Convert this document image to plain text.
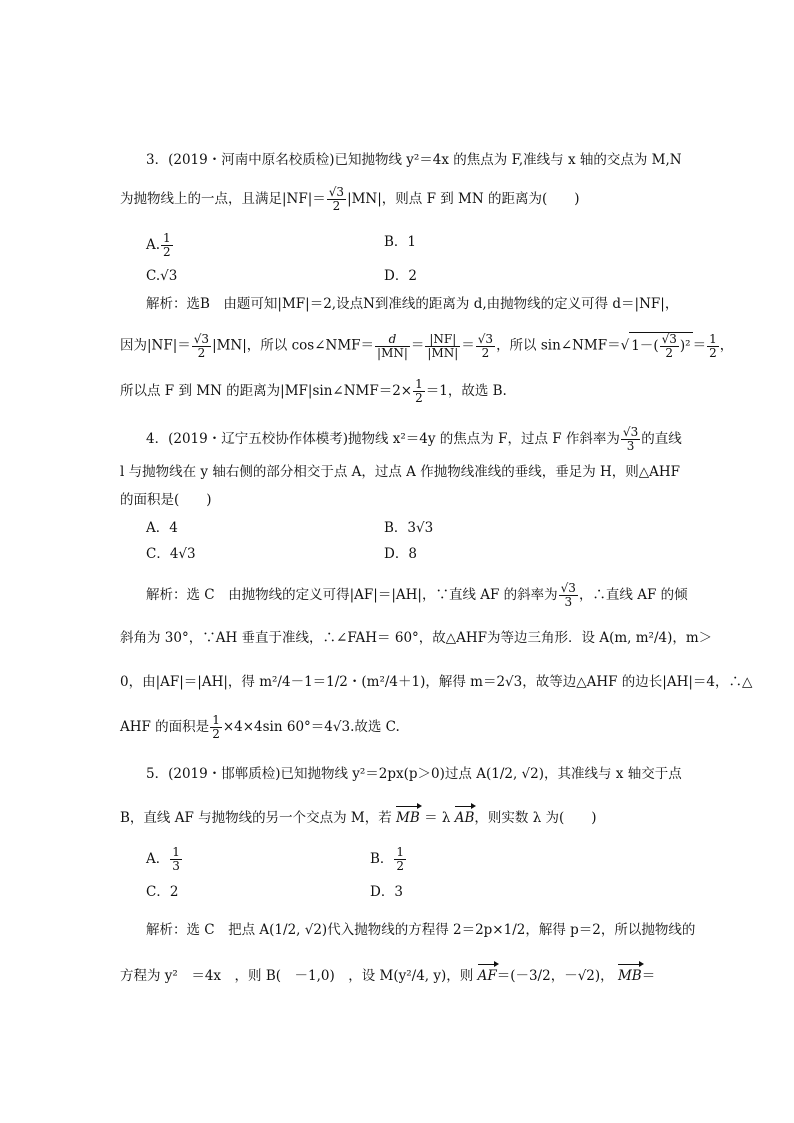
3．(2019・河南中原名校质检)已知抛物线 y²＝4x 的焦点为 F,准线与 x 轴的交点为 M,N
为抛物线上的一点，且满足$|NF|= \frac{√3}{2} |MN|$，则点 F 到 MN 的距离为(　　)
A. $\frac{1}{2}$	B．1
C.√3	D．2
解析：选B　由题可知|MF|＝2,设点N到准线的距离为 d,由抛物线的定义可得 d＝|NF|，
因为$|NF|= \frac{√3}{2} |MN|$，所以 cos∠NMF＝ $\frac{d}{|MN|} = \frac{|NF|}{|MN|} = \frac{√3}{2}$ ，所以 sin∠NMF＝√ $1-( \frac{√3}{2} )^2 = \frac{1}{2}$ ，
所以点 F 到 MN 的距离为|MF|sin∠NMF＝2× $\frac{1}{2} =1$，故选 B.
4．(2019・辽宁五校协作体模考)抛物线 x²＝4y 的焦点为 F，过点 F 作斜率为 $\frac{√3}{3}$ 的直线
l 与抛物线在 y 轴右侧的部分相交于点 A，过点 A 作抛物线准线的垂线，垂足为 H，则△AHF
的面积是(　　)
A．4	B．3√3
C．4√3	D．8
解析：选 C　由抛物线的定义可得|AF|＝|AH|，∵直线 AF 的斜率为 $\frac{√3}{3}$ ，∴直线 AF 的倾
斜角为 30°，∵AH 垂直于准线，∴∠FAH＝ 60°，故△AHF为等边三角形．设 A(m, m²/4)，m＞
0，由|AF|＝|AH|，得 m²/4－1＝1/2・(m²/4＋1)，解得 m＝2√3，故等边△AHF 的边长|AH|＝4，∴△
AHF 的面积是 $\frac{1}{2} \times 4\times 4\sin$ 60°＝4√3.故选 C.
5．(2019・邯郸质检)已知抛物线 y²＝2px(p＞0)过点 A(1/2, √2)，其准线与 x 轴交于点
B，直线 AF 与抛物线的另一个交点为 M，若 MB ＝ λ AB，则实数 λ 为(　　)
A． $\frac{1}{3}$	B． $\frac{1}{2}$
C．2	D．3
解析：选 C　把点 A(1/2, √2)代入抛物线的方程得 2＝2p×1/2，解得 p＝2，所以抛物线的
方程为 y²　＝4x　，则 B(　－1,0)　，设 M(y²/4, y)，则 AF＝(－3/2，－√2)， MB＝
